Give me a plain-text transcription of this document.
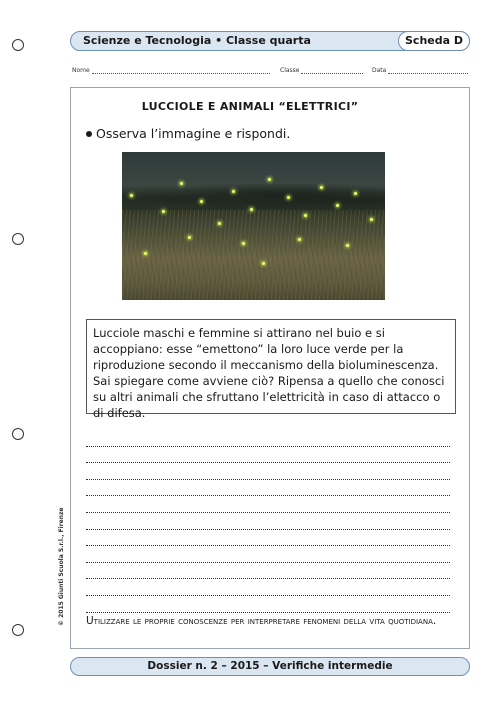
Scienze e Tecnologia • Classe quarta	Scheda D
Nome	Classe	Data
LUCCIOLE E ANIMALI “ELETTRICI”
Osserva l’immagine e rispondi.
Lucciole maschi e femmine si attirano nel buio e si accoppiano: esse “emettono” la loro luce verde per la riproduzione secondo il meccanismo della bioluminescenza. Sai spiegare come avviene ciò? Ripensa a quello che conosci su altri animali che sfruttano l’elettricità in caso di attacco o di difesa.
Utilizzare le proprie conoscenze per interpretare fenomeni della vita quotidiana.
© 2015 Giunti Scuola S.r.l., Firenze
Dossier n. 2 – 2015 – Verifiche intermedie
